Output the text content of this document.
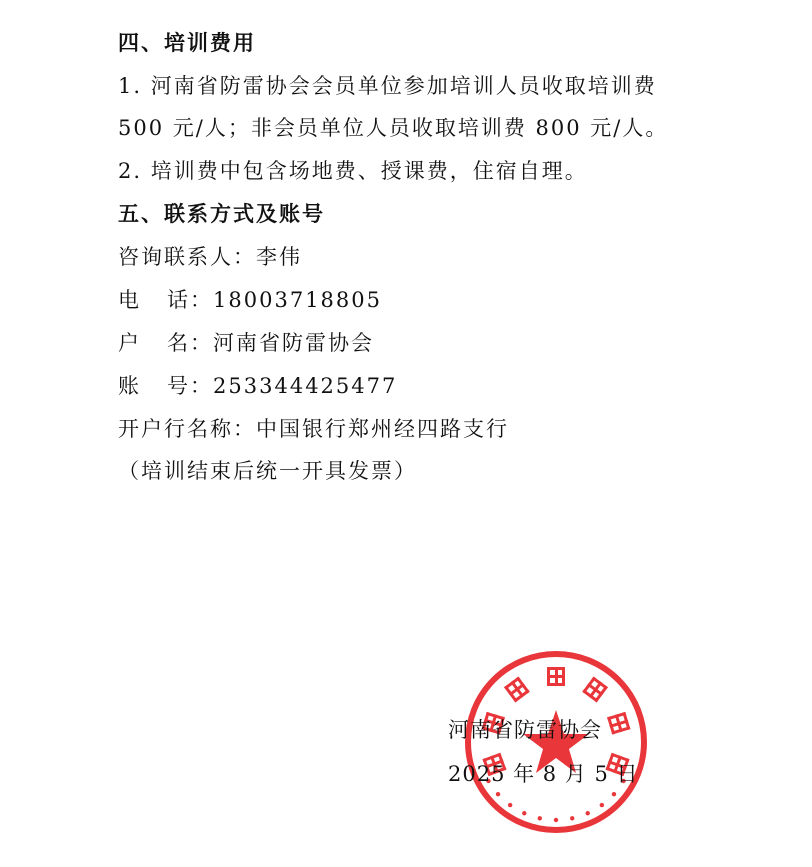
四、培训费用
1. 河南省防雷协会会员单位参加培训人员收取培训费
500 元/人；非会员单位人员收取培训费 800 元/人。
2. 培训费中包含场地费、授课费，住宿自理。
五、联系方式及账号
咨询联系人：李伟
电   话：18003718805
户   名：河南省防雷协会
账   号：253344425477
开户行名称：中国银行郑州经四路支行
（培训结束后统一开具发票）
河南省防雷协会
2025 年 8 月 5 日
